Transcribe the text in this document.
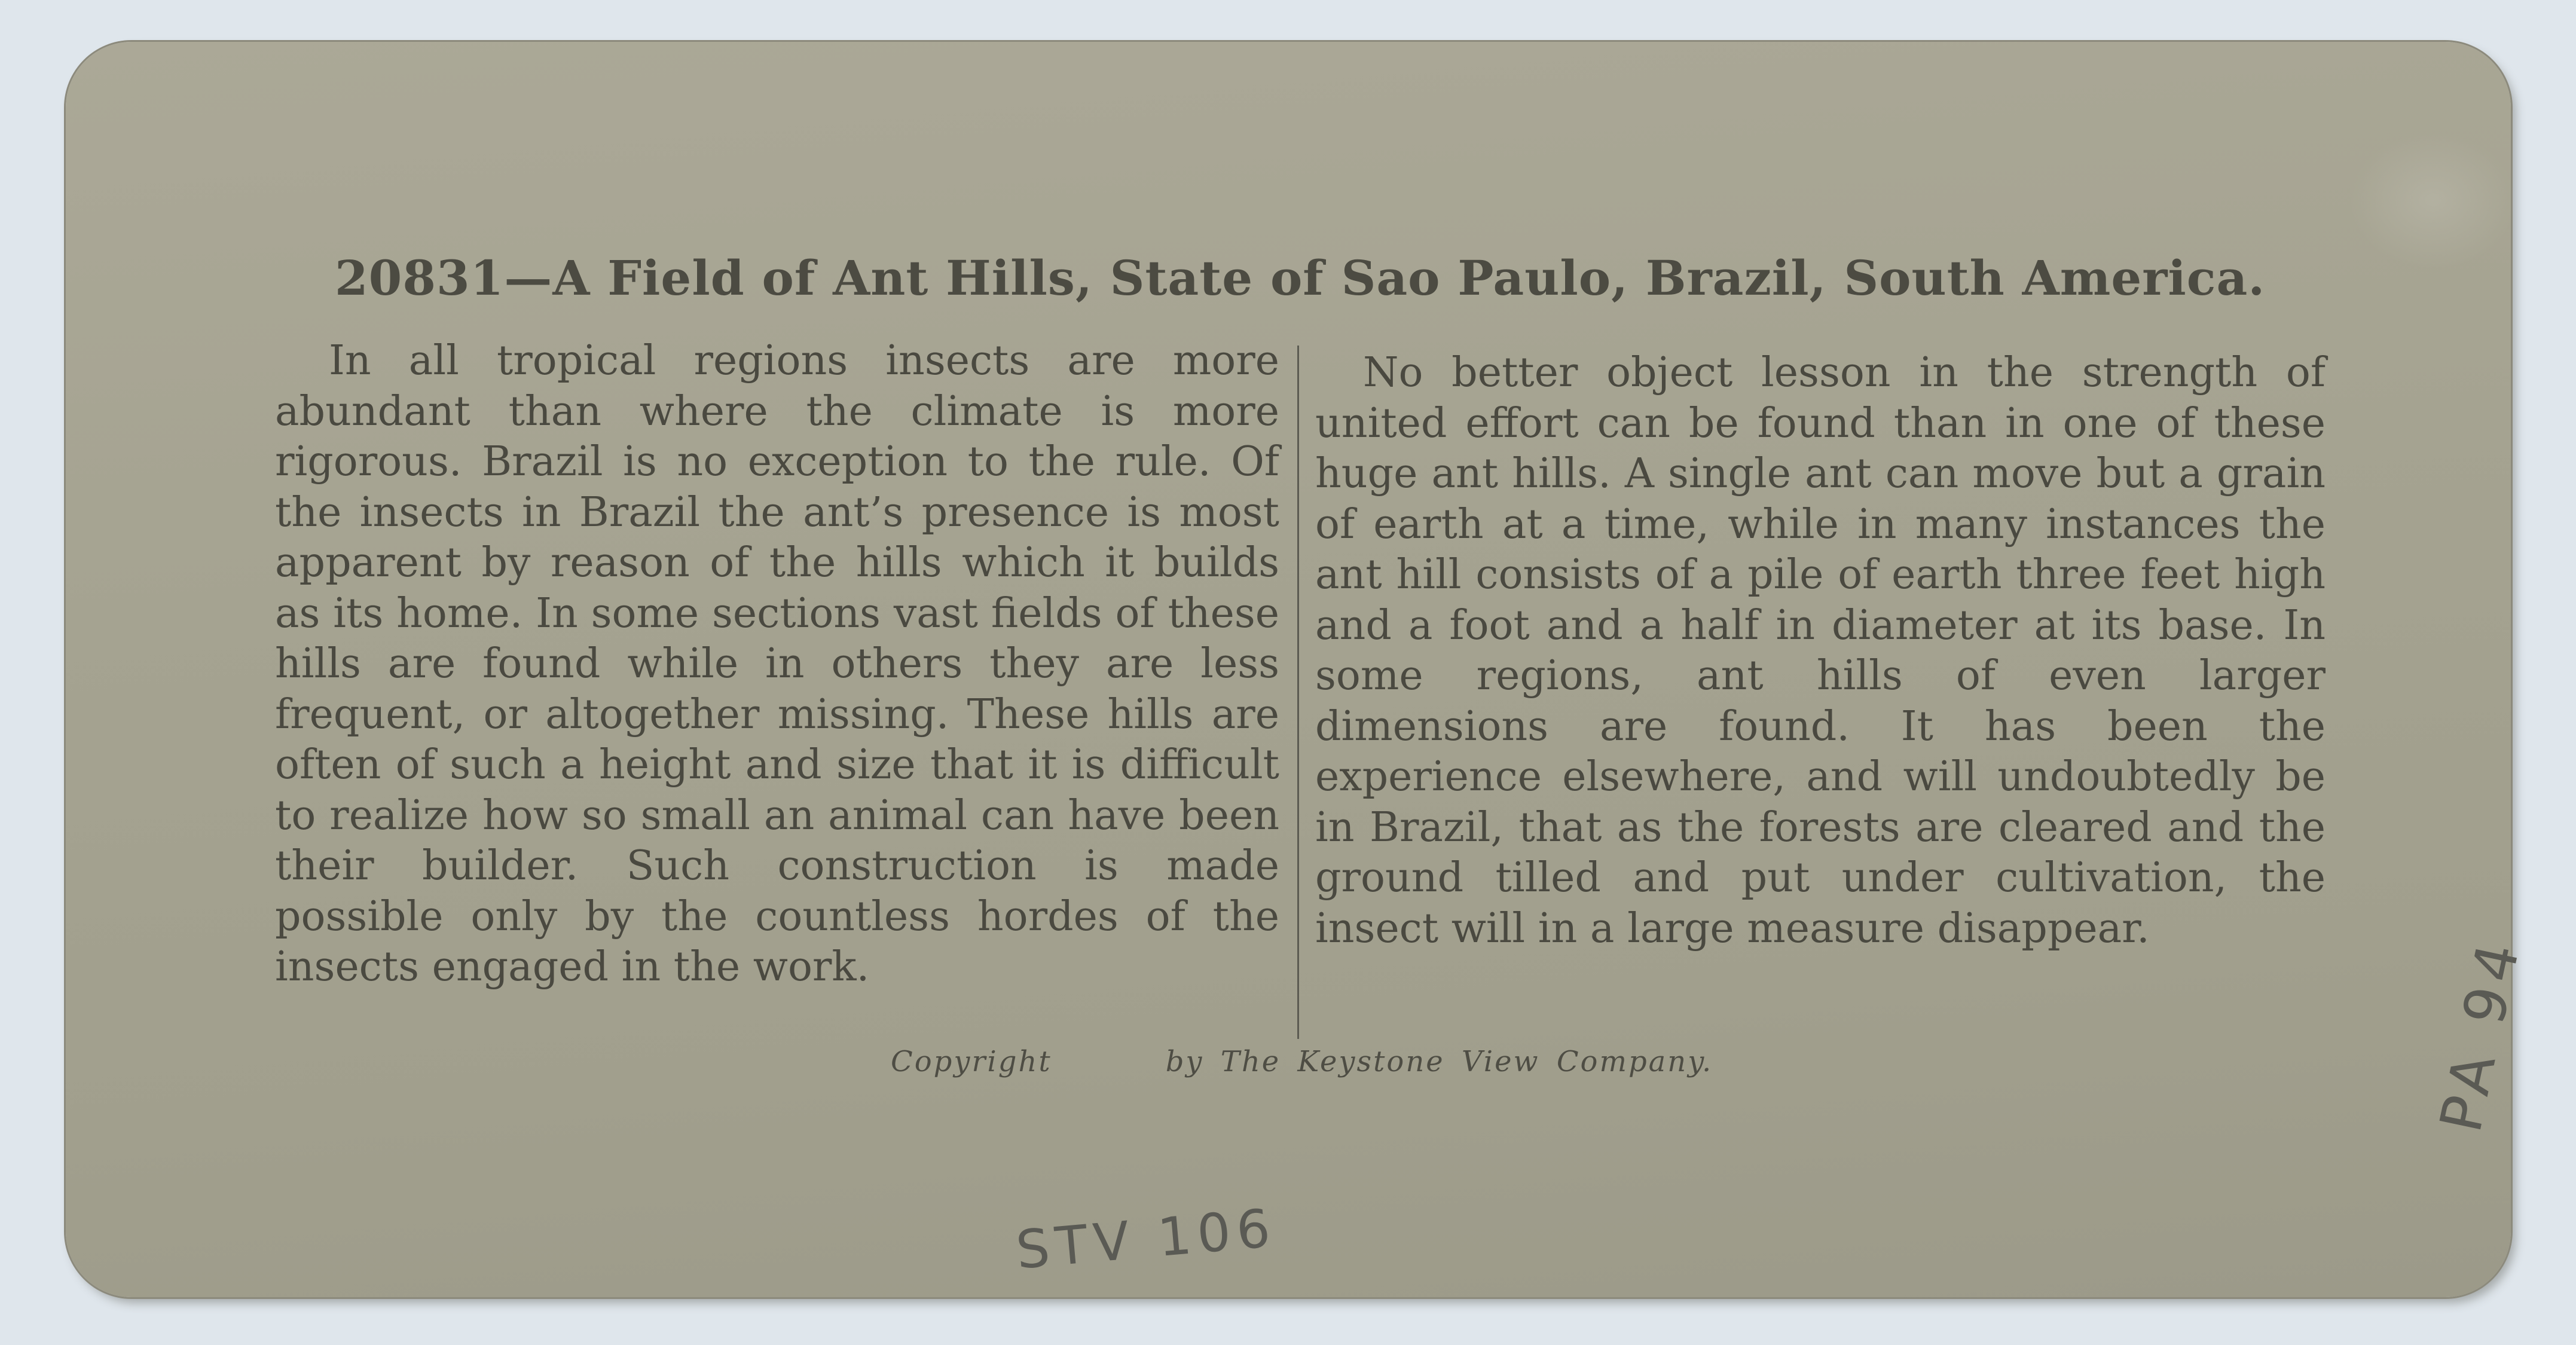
20831—A Field of Ant Hills, State of Sao Paulo, Brazil, South America.

In all tropical regions insects are more abundant than where the climate is more rigorous. Brazil is no exception to the rule. Of the insects in Brazil the ant’s presence is most apparent by reason of the hills which it builds as its home. In some sections vast fields of these hills are found while in others they are less frequent, or altogether missing. These hills are often of such a height and size that it is difficult to realize how so small an animal can have been their builder. Such construction is made possible only by the countless hordes of the insects engaged in the work.

No better object lesson in the strength of united effort can be found than in one of these huge ant hills. A single ant can move but a grain of earth at a time, while in many instances the ant hill consists of a pile of earth three feet high and a foot and a half in diameter at its base. In some regions, ant hills of even larger dimensions are found. It has been the experience elsewhere, and will undoubtedly be in Brazil, that as the forests are cleared and the ground tilled and put under cultivation, the insect will in a large measure disappear.

Copyright	by The Keystone View Company.

STV 106

PA 94
